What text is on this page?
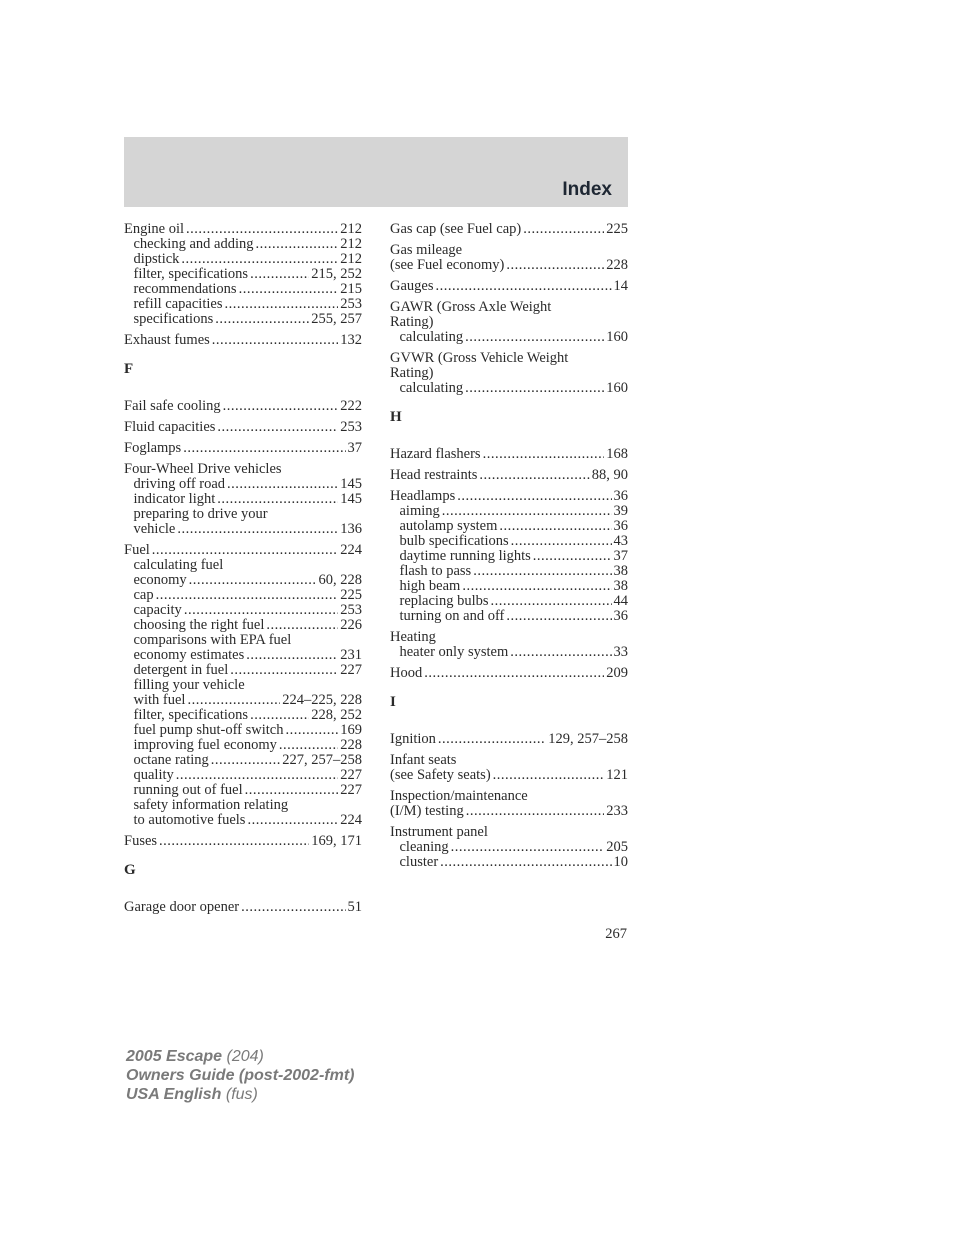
Index
Engine oil .....	212
checking and adding .....	212
dipstick .....	212
filter, specifications .....	215, 252
recommendations .....	215
refill capacities .....	253
specifications .....	255, 257
Exhaust fumes .....	132
F
Fail safe cooling .....	222
Fluid capacities .....	253
Foglamps .....	37
Four-Wheel Drive vehicles
driving off road .....	145
indicator light .....	145
preparing to drive your
vehicle .....	136
Fuel .....	224
calculating fuel
economy .....	60, 228
cap .....	225
capacity .....	253
choosing the right fuel .....	226
comparisons with EPA fuel
economy estimates .....	231
detergent in fuel .....	227
filling your vehicle
with fuel .....	224–225, 228
filter, specifications .....	228, 252
fuel pump shut-off switch .....	169
improving fuel economy .....	228
octane rating .....	227, 257–258
quality .....	227
running out of fuel .....	227
safety information relating
to automotive fuels .....	224
Fuses .....	169, 171
G
Garage door opener .....	51
Gas cap (see Fuel cap) .....	225
Gas mileage
(see Fuel economy) .....	228
Gauges .....	14
GAWR (Gross Axle Weight
Rating)
calculating .....	160
GVWR (Gross Vehicle Weight
Rating)
calculating .....	160
H
Hazard flashers .....	168
Head restraints .....	88, 90
Headlamps .....	36
aiming .....	39
autolamp system .....	36
bulb specifications .....	43
daytime running lights .....	37
flash to pass .....	38
high beam .....	38
replacing bulbs .....	44
turning on and off .....	36
Heating
heater only system .....	33
Hood .....	209
I
Ignition .....	129, 257–258
Infant seats
(see Safety seats) .....	121
Inspection/maintenance
(I/M) testing .....	233
Instrument panel
cleaning .....	205
cluster .....	10
267
2005 Escape (204)
Owners Guide (post-2002-fmt)
USA English (fus)
